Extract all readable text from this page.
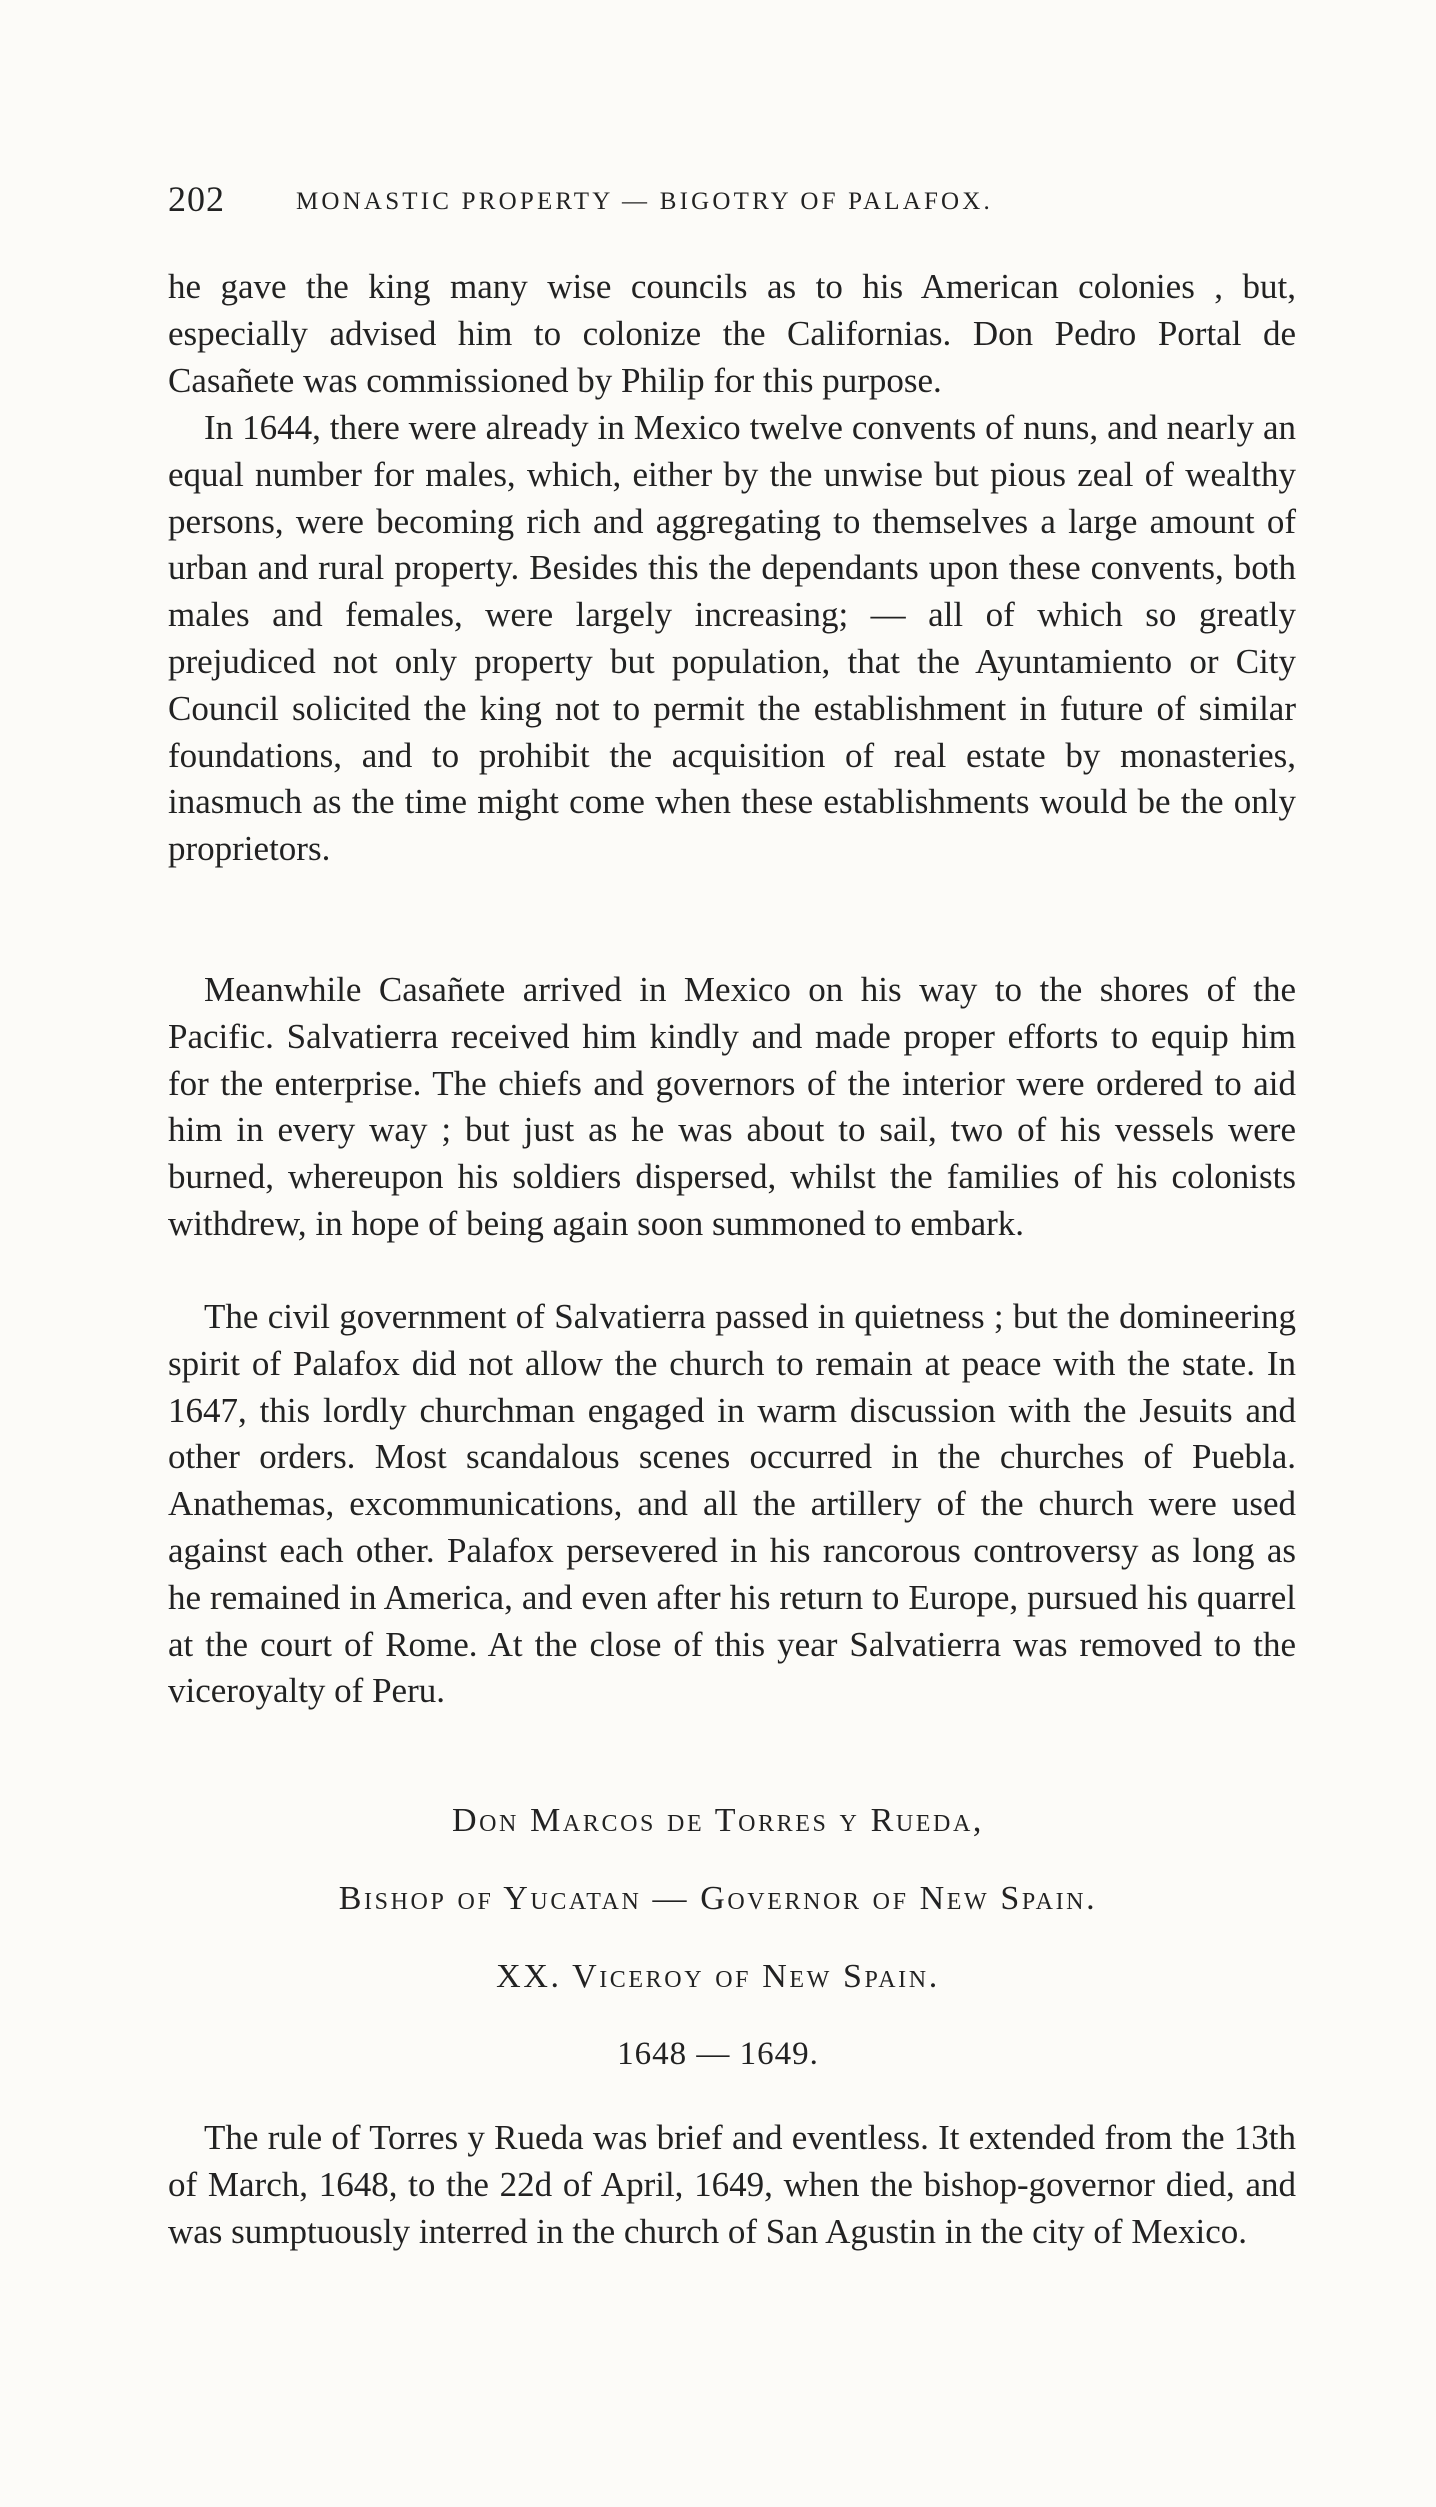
202	MONASTIC PROPERTY — BIGOTRY OF PALAFOX.

he gave the king many wise councils as to his American colonies , but, especially advised him to colonize the Californias. Don Pedro Portal de Casañete was commissioned by Philip for this purpose.

In 1644, there were already in Mexico twelve convents of nuns, and nearly an equal number for males, which, either by the unwise but pious zeal of wealthy persons, were becoming rich and aggregating to themselves a large amount of urban and rural property. Besides this the dependants upon these convents, both males and females, were largely increasing; — all of which so greatly prejudiced not only property but population, that the Ayuntamiento or City Council solicited the king not to permit the establishment in future of similar foundations, and to prohibit the acquisition of real estate by monasteries, inasmuch as the time might come when these establishments would be the only proprietors.

Meanwhile Casañete arrived in Mexico on his way to the shores of the Pacific. Salvatierra received him kindly and made proper efforts to equip him for the enterprise. The chiefs and governors of the interior were ordered to aid him in every way ; but just as he was about to sail, two of his vessels were burned, whereupon his soldiers dispersed, whilst the families of his colonists withdrew, in hope of being again soon summoned to embark.

The civil government of Salvatierra passed in quietness ; but the domineering spirit of Palafox did not allow the church to remain at peace with the state. In 1647, this lordly churchman engaged in warm discussion with the Jesuits and other orders. Most scandalous scenes occurred in the churches of Puebla. Anathemas, excommunications, and all the artillery of the church were used against each other. Palafox persevered in his rancorous controversy as long as he remained in America, and even after his return to Europe, pursued his quarrel at the court of Rome. At the close of this year Salvatierra was removed to the viceroyalty of Peru.

Don Marcos de Torres y Rueda,
Bishop of Yucatan — Governor of New Spain.
XX. Viceroy of New Spain.
1648 — 1649.

The rule of Torres y Rueda was brief and eventless. It extended from the 13th of March, 1648, to the 22d of April, 1649, when the bishop-governor died, and was sumptuously interred in the church of San Agustin in the city of Mexico.
